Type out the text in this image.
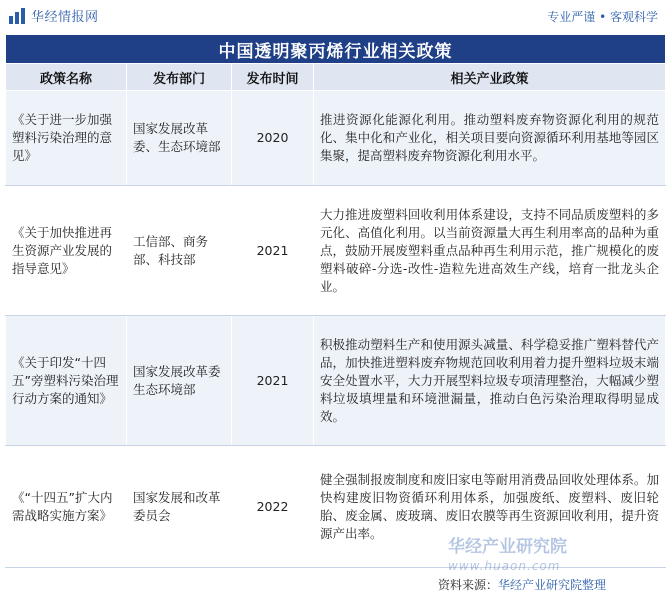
华经情报网	专业严谨 • 客观科学
中国透明聚丙烯行业相关政策			
政策名称	发布部门	发布时间	相关产业政策
《关于进一步加强塑料污染治理的意见》	国家发展改革委、生态环境部	2020	推进资源化能源化利用。推动塑料废弃物资源化利用的规范化、集中化和产业化，相关项目要向资源循环利用基地等园区集聚，提高塑料废弃物资源化利用水平。
《关于加快推进再生资源产业发展的指导意见》	工信部、商务部、科技部	2021	大力推进废塑料回收利用体系建设，支持不同品质废塑料的多元化、高值化利用。以当前资源量大再生利用率高的品种为重点，鼓励开展废塑料重点品种再生利用示范，推广规模化的废塑料破碎-分选-改性-造粒先进高效生产线，培育一批龙头企业。
《关于印发“十四五”旁塑料污染治理行动方案的通知》	国家发展改革委 生态环境部	2021	积极推动塑料生产和使用源头减量、科学稳妥推广塑料替代产品，加快推进塑料废弃物规范回收利用着力提升塑料垃圾末端安全处置水平，大力开展型料垃圾专项清理整治，大幅减少塑料垃圾填埋量和环境泄漏量，推动白色污染治理取得明显成效。
《“十四五”扩大内需战略实施方案》	国家发展和改革委员会	2022	健全强制报废制度和废旧家电等耐用消费品回收处理体系。加快构建废旧物资循环利用体系，加强废纸、废塑料、废旧轮胎、废金属、废玻璃、废旧农膜等再生资源回收利用，提升资源产出率。
华经产业研究院
www.huaon.com
资料来源：华经产业研究院整理
